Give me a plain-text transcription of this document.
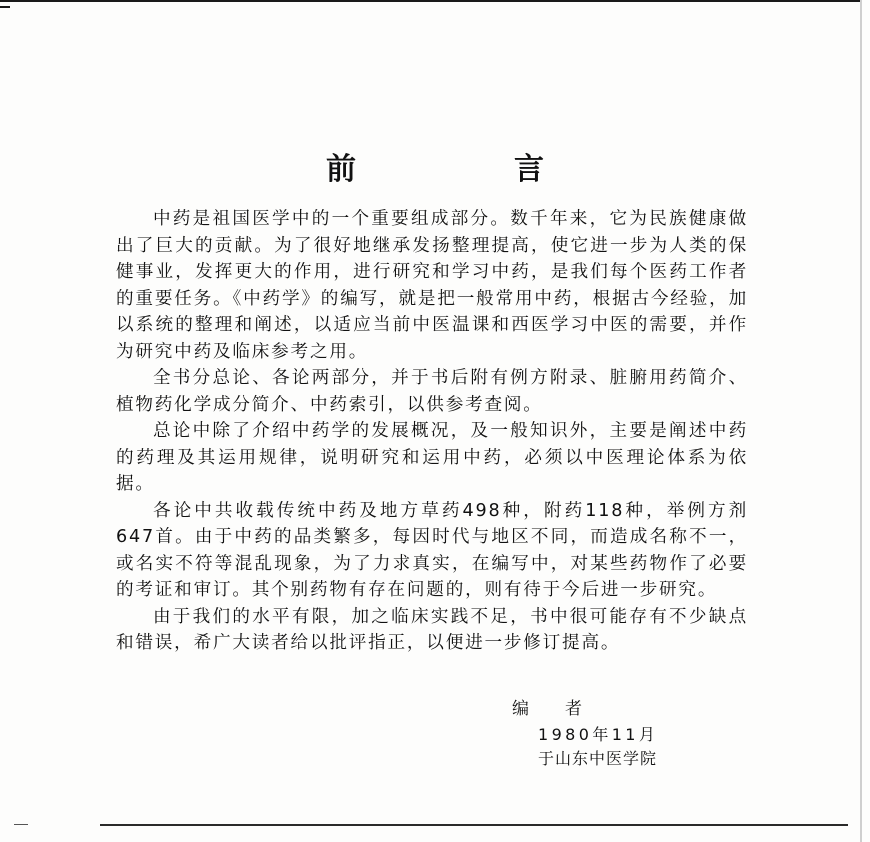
前　言

中药是祖国医学中的一个重要组成部分。数千年来，它为民族健康做出了巨大的贡献。为了很好地继承发扬整理提高，使它进一步为人类的保健事业，发挥更大的作用，进行研究和学习中药，是我们每个医药工作者的重要任务。《中药学》的编写，就是把一般常用中药，根据古今经验，加以系统的整理和阐述，以适应当前中医温课和西医学习中医的需要，并作为研究中药及临床参考之用。

全书分总论、各论两部分，并于书后附有例方附录、脏腑用药简介、植物药化学成分简介、中药索引，以供参考查阅。

总论中除了介绍中药学的发展概况，及一般知识外，主要是阐述中药的药理及其运用规律，说明研究和运用中药，必须以中医理论体系为依据。

各论中共收载传统中药及地方草药498种，附药118种，举例方剂647首。由于中药的品类繁多，每因时代与地区不同，而造成名称不一，或名实不符等混乱现象，为了力求真实，在编写中，对某些药物作了必要的考证和审订。其个别药物有存在问题的，则有待于今后进一步研究。

由于我们的水平有限，加之临床实践不足，书中很可能存有不少缺点和错误，希广大读者给以批评指正，以便进一步修订提高。

编者
1980年11月
于山东中医学院
